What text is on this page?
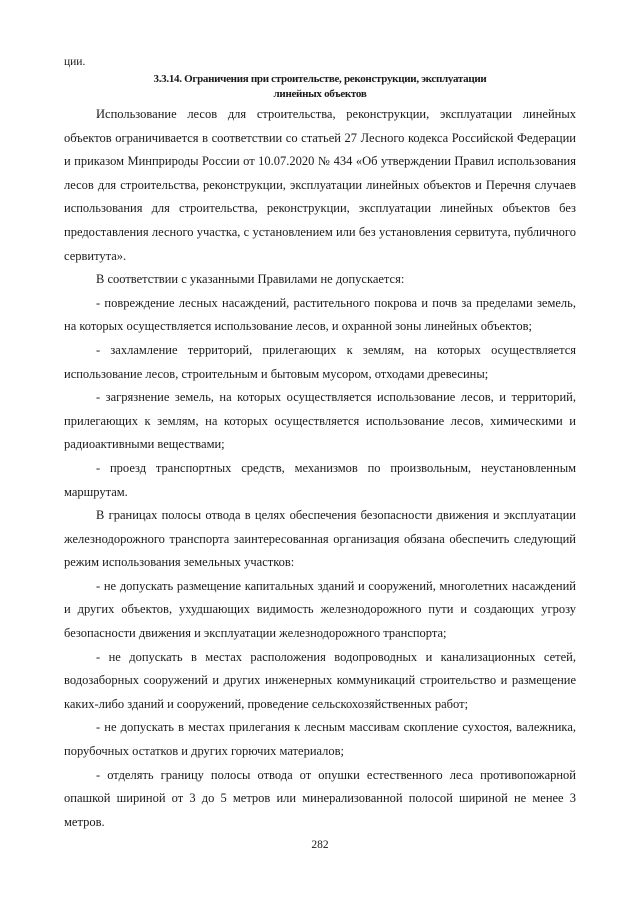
ции.
3.3.14. Ограничения при строительстве, реконструкции, эксплуатации
линейных объектов

Использование лесов для строительства, реконструкции, эксплуатации линейных объектов ограничивается в соответствии со статьей 27 Лесного кодекса Российской Федерации и приказом Минприроды России от 10.07.2020 № 434 «Об утверждении Правил использования лесов для строительства, реконструкции, эксплуатации линейных объектов и Перечня случаев использования для строительства, реконструкции, эксплуатации линейных объектов без предоставления лесного участка, с установлением или без установления сервитута, публичного сервитута».

В соответствии с указанными Правилами не допускается:

- повреждение лесных насаждений, растительного покрова и почв за пределами земель, на которых осуществляется использование лесов, и охранной зоны линейных объектов;

- захламление территорий, прилегающих к землям, на которых осуществляется использование лесов, строительным и бытовым мусором, отходами древесины;

- загрязнение земель, на которых осуществляется использование лесов, и территорий, прилегающих к землям, на которых осуществляется использование лесов, химическими и радиоактивными веществами;

- проезд транспортных средств, механизмов по произвольным, неустановленным маршрутам.

В границах полосы отвода в целях обеспечения безопасности движения и эксплуатации железнодорожного транспорта заинтересованная организация обязана обеспечить следующий режим использования земельных участков:

- не допускать размещение капитальных зданий и сооружений, многолетних насаждений и других объектов, ухудшающих видимость железнодорожного пути и создающих угрозу безопасности движения и эксплуатации железнодорожного транспорта;

- не допускать в местах расположения водопроводных и канализационных сетей, водозаборных сооружений и других инженерных коммуникаций строительство и размещение каких-либо зданий и сооружений, проведение сельскохозяйственных работ;

- не допускать в местах прилегания к лесным массивам скопление сухостоя, валежника, порубочных остатков и других горючих материалов;

- отделять границу полосы отвода от опушки естественного леса противопожарной опашкой шириной от 3 до 5 метров или минерализованной полосой шириной не менее 3 метров.

282
